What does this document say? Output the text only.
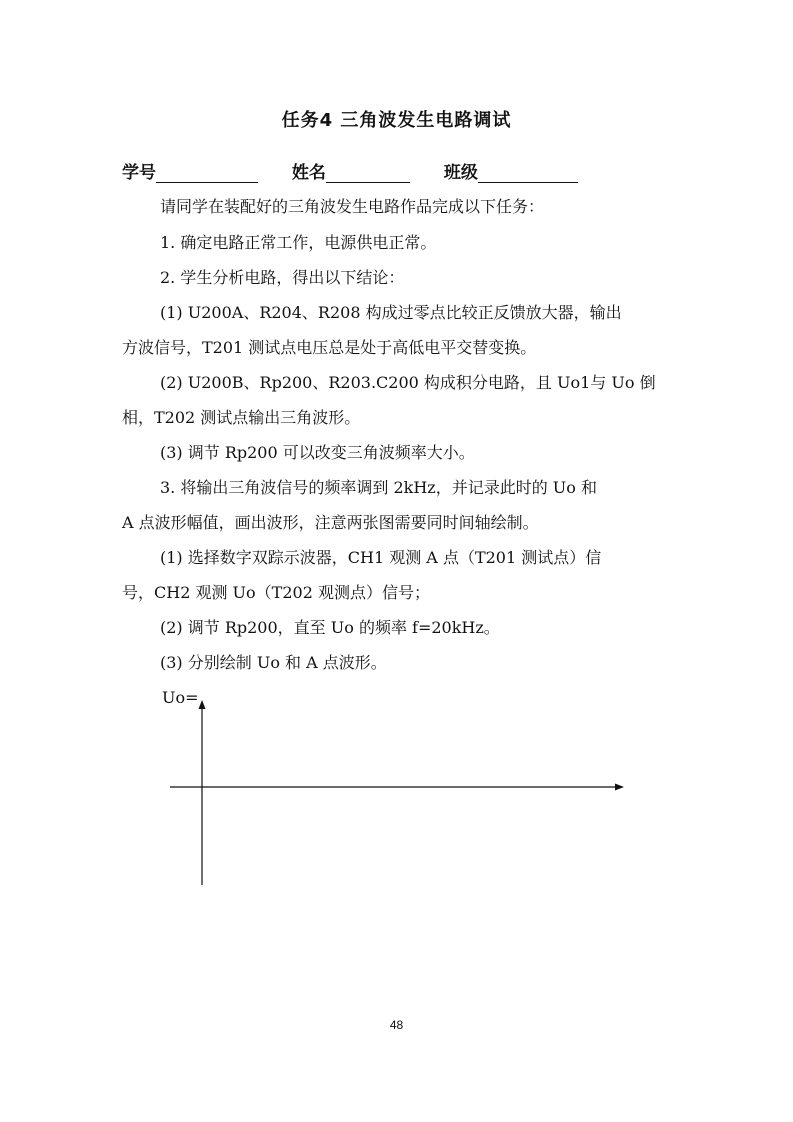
任务4 三角波发生电路调试
学号	姓名	班级
请同学在装配好的三角波发生电路作品完成以下任务：
1. 确定电路正常工作，电源供电正常。
2. 学生分析电路，得出以下结论：
(1) U200A、R204、R208 构成过零点比较正反馈放大器，输出
方波信号，T201 测试点电压总是处于高低电平交替变换。
(2) U200B、Rp200、R203.C200 构成积分电路，且 Uo1与 Uo 倒
相，T202 测试点输出三角波形。
(3) 调节 Rp200 可以改变三角波频率大小。
3. 将输出三角波信号的频率调到 2kHz，并记录此时的 Uo 和
A 点波形幅值，画出波形，注意两张图需要同时间轴绘制。
(1) 选择数字双踪示波器，CH1 观测 A 点（T201 测试点）信
号，CH2 观测 Uo（T202 观测点）信号；
(2) 调节 Rp200，直至 Uo 的频率 f=20kHz。
(3) 分别绘制 Uo 和 A 点波形。
Uo=
48
